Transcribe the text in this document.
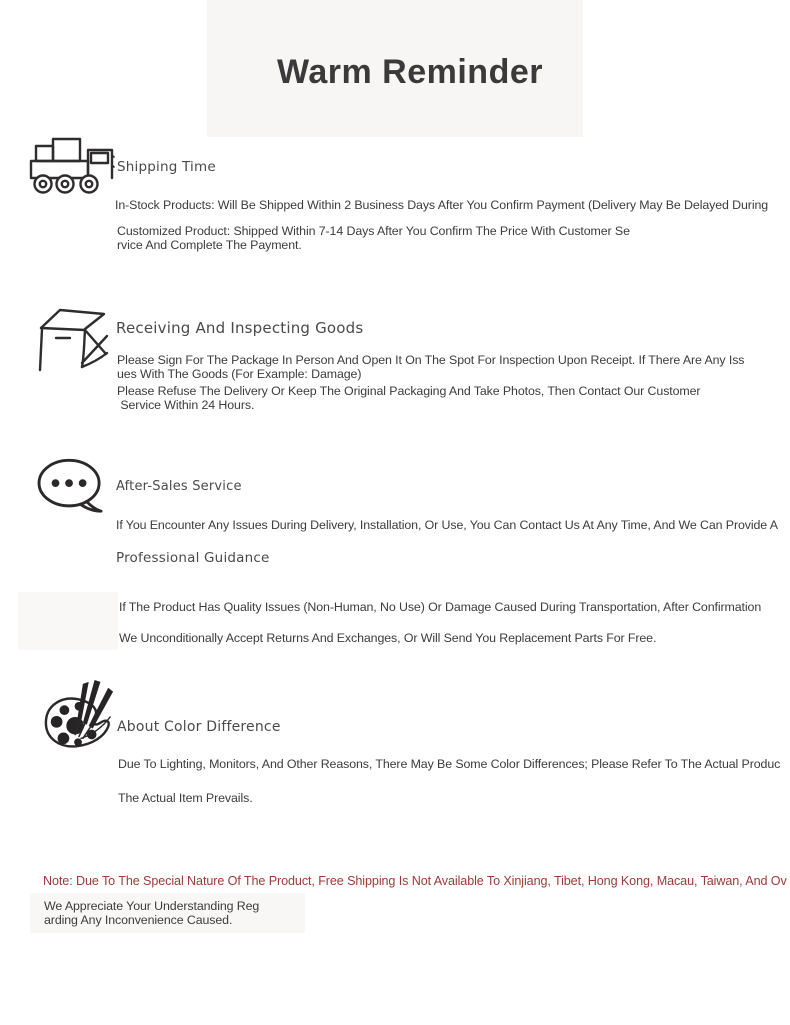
Warm Reminder
Shipping Time
In-Stock Products: Will Be Shipped Within 2 Business Days After You Confirm Payment (Delivery May Be Delayed During
Customized Product: Shipped Within 7-14 Days After You Confirm The Price With Customer Se
rvice And Complete The Payment.
Receiving And Inspecting Goods
Please Sign For The Package In Person And Open It On The Spot For Inspection Upon Receipt. If There Are Any Iss
ues With The Goods (For Example: Damage)
Please Refuse The Delivery Or Keep The Original Packaging And Take Photos, Then Contact Our Customer
Service Within 24 Hours.
After-Sales Service
If You Encounter Any Issues During Delivery, Installation, Or Use, You Can Contact Us At Any Time, And We Can Provide A
Professional Guidance
If The Product Has Quality Issues (Non-Human, No Use) Or Damage Caused During Transportation, After Confirmation
We Unconditionally Accept Returns And Exchanges, Or Will Send You Replacement Parts For Free.
About Color Difference
Due To Lighting, Monitors, And Other Reasons, There May Be Some Color Differences; Please Refer To The Actual Produc
The Actual Item Prevails.
Note: Due To The Special Nature Of The Product, Free Shipping Is Not Available To Xinjiang, Tibet, Hong Kong, Macau, Taiwan, And Ov
We Appreciate Your Understanding Reg
arding Any Inconvenience Caused.
